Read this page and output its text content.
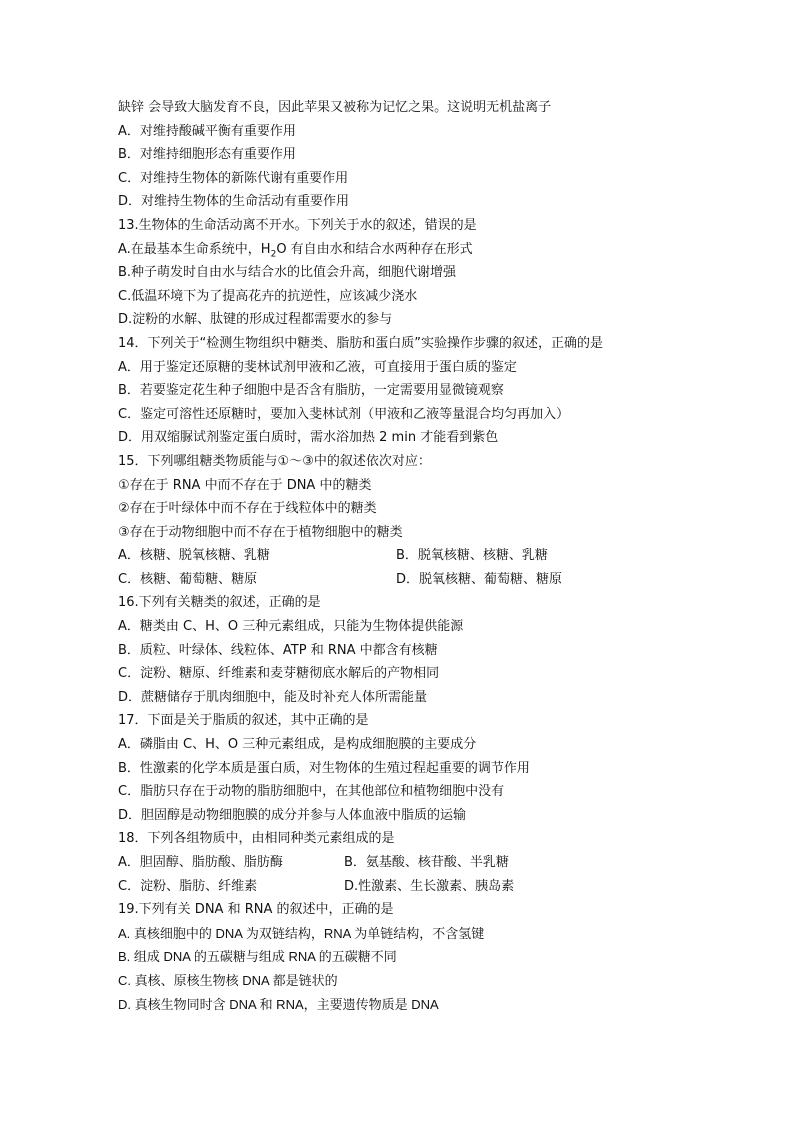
缺锌 会导致大脑发育不良，因此苹果又被称为记忆之果。这说明无机盐离子
A．对维持酸碱平衡有重要作用
B．对维持细胞形态有重要作用
C．对维持生物体的新陈代谢有重要作用
D．对维持生物体的生命活动有重要作用
13.生物体的生命活动离不开水。下列关于水的叙述，错误的是
A.在最基本生命系统中，$H_2O$ 有自由水和结合水两种存在形式
B.种子萌发时自由水与结合水的比值会升高，细胞代谢增强
C.低温环境下为了提高花卉的抗逆性，应该减少浇水
D.淀粉的水解、肽键的形成过程都需要水的参与
14．下列关于“检测生物组织中糖类、脂肪和蛋白质”实验操作步骤的叙述，正确的是
A．用于鉴定还原糖的斐林试剂甲液和乙液，可直接用于蛋白质的鉴定
B．若要鉴定花生种子细胞中是否含有脂肪，一定需要用显微镜观察
C．鉴定可溶性还原糖时，要加入斐林试剂（甲液和乙液等量混合均匀再加入）
D．用双缩脲试剂鉴定蛋白质时，需水浴加热 2 min 才能看到紫色
15．下列哪组糖类物质能与①～③中的叙述依次对应：
①存在于 RNA 中而不存在于 DNA 中的糖类
②存在于叶绿体中而不存在于线粒体中的糖类
③存在于动物细胞中而不存在于植物细胞中的糖类
A．核糖、脱氧核糖、乳糖	B．脱氧核糖、核糖、乳糖
C．核糖、葡萄糖、糖原	D．脱氧核糖、葡萄糖、糖原
16.下列有关糖类的叙述，正确的是
A．糖类由 C、H、O 三种元素组成，只能为生物体提供能源
B．质粒、叶绿体、线粒体、ATP 和 RNA 中都含有核糖
C．淀粉、糖原、纤维素和麦芽糖彻底水解后的产物相同
D．蔗糖储存于肌肉细胞中，能及时补充人体所需能量
17．下面是关于脂质的叙述，其中正确的是
A．磷脂由 C、H、O 三种元素组成，是构成细胞膜的主要成分
B．性激素的化学本质是蛋白质，对生物体的生殖过程起重要的调节作用
C．脂肪只存在于动物的脂肪细胞中，在其他部位和植物细胞中没有
D．胆固醇是动物细胞膜的成分并参与人体血液中脂质的运输
18．下列各组物质中，由相同种类元素组成的是
A．胆固醇、脂肪酸、脂肪酶	B．氨基酸、核苷酸、半乳糖
C．淀粉、脂肪、纤维素	D.性激素、生长激素、胰岛素
19.下列有关 DNA 和 RNA 的叙述中，正确的是
A. 真核细胞中的 DNA 为双链结构，RNA 为单链结构，不含氢键
B. 组成 DNA 的五碳糖与组成 RNA 的五碳糖不同
C. 真核、原核生物核 DNA 都是链状的
D. 真核生物同时含 DNA 和 RNA，主要遗传物质是 DNA
